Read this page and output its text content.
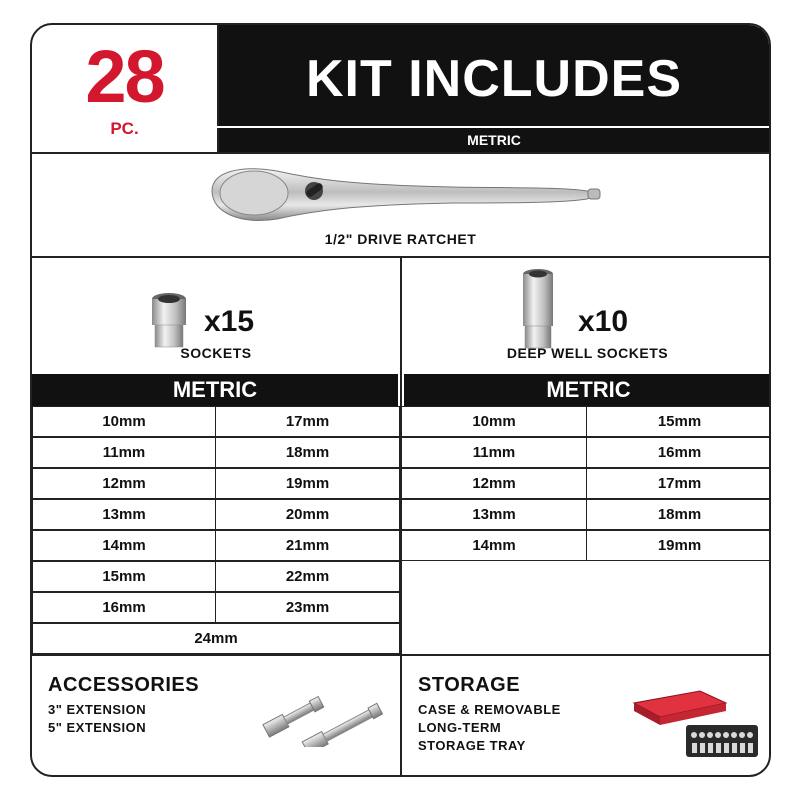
28
PC.
KIT INCLUDES
METRIC
1/2" DRIVE RATCHET
x15
SOCKETS
x10
DEEP WELL SOCKETS
METRIC	METRIC
10mm	17mm
11mm	18mm
12mm	19mm
13mm	20mm
14mm	21mm
15mm	22mm
16mm	23mm
24mm
10mm	15mm
11mm	16mm
12mm	17mm
13mm	18mm
14mm	19mm
ACCESSORIES
3" EXTENSION
5" EXTENSION
STORAGE
CASE & REMOVABLE
LONG-TERM
STORAGE TRAY
